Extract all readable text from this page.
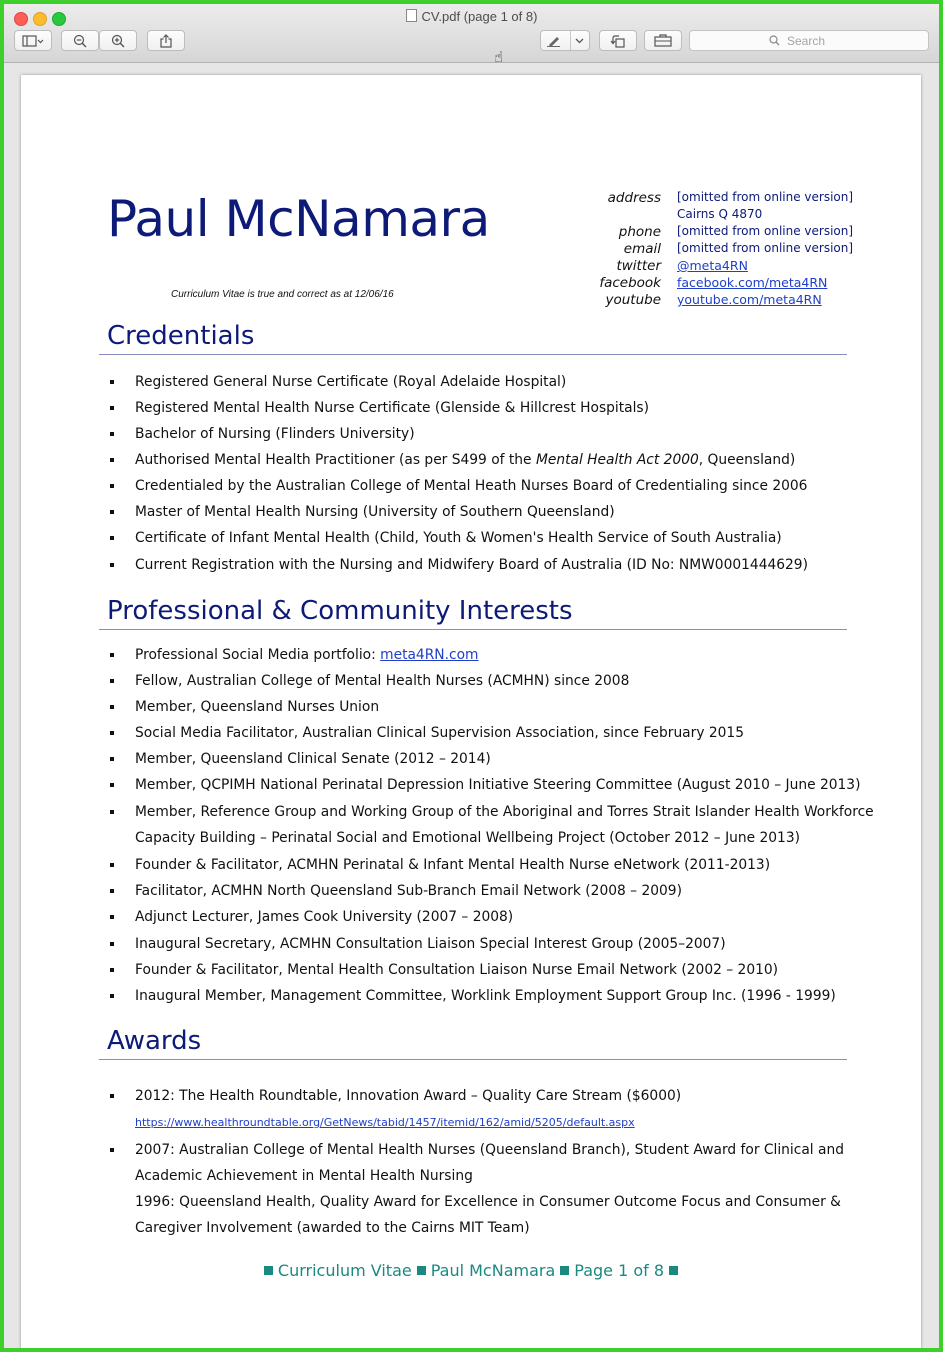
CV.pdf (page 1 of 8)
Search
☝
Paul McNamara
Curriculum Vitae is true and correct as at 12/06/16
address [omitted from online version]
Cairns Q 4870
phone [omitted from online version]
email [omitted from online version]
twitter @meta4RN
facebook facebook.com/meta4RN
youtube youtube.com/meta4RN
Credentials
Registered General Nurse Certificate (Royal Adelaide Hospital)
Registered Mental Health Nurse Certificate (Glenside & Hillcrest Hospitals)
Bachelor of Nursing (Flinders University)
Authorised Mental Health Practitioner (as per S499 of the Mental Health Act 2000, Queensland)
Credentialed by the Australian College of Mental Heath Nurses Board of Credentialing since 2006
Master of Mental Health Nursing (University of Southern Queensland)
Certificate of Infant Mental Health (Child, Youth & Women's Health Service of South Australia)
Current Registration with the Nursing and Midwifery Board of Australia (ID No: NMW0001444629)
Professional & Community Interests
Professional Social Media portfolio: meta4RN.com
Fellow, Australian College of Mental Health Nurses (ACMHN) since 2008
Member, Queensland Nurses Union
Social Media Facilitator, Australian Clinical Supervision Association, since February 2015
Member, Queensland Clinical Senate (2012 – 2014)
Member, QCPIMH National Perinatal Depression Initiative Steering Committee (August 2010 – June 2013)
Member, Reference Group and Working Group of the Aboriginal and Torres Strait Islander Health Workforce
Capacity Building – Perinatal Social and Emotional Wellbeing Project (October 2012 – June 2013)
Founder & Facilitator, ACMHN Perinatal & Infant Mental Health Nurse eNetwork (2011-2013)
Facilitator, ACMHN North Queensland Sub-Branch Email Network (2008 – 2009)
Adjunct Lecturer, James Cook University (2007 – 2008)
Inaugural Secretary, ACMHN Consultation Liaison Special Interest Group (2005–2007)
Founder & Facilitator, Mental Health Consultation Liaison Nurse Email Network (2002 – 2010)
Inaugural Member, Management Committee, Worklink Employment Support Group Inc. (1996 - 1999)
Awards
2012: The Health Roundtable, Innovation Award – Quality Care Stream ($6000)
https://www.healthroundtable.org/GetNews/tabid/1457/itemid/162/amid/5205/default.aspx
2007: Australian College of Mental Health Nurses (Queensland Branch), Student Award for Clinical and
Academic Achievement in Mental Health Nursing
1996: Queensland Health, Quality Award for Excellence in Consumer Outcome Focus and Consumer &
Caregiver Involvement (awarded to the Cairns MIT Team)
Curriculum Vitae Paul McNamara Page 1 of 8
